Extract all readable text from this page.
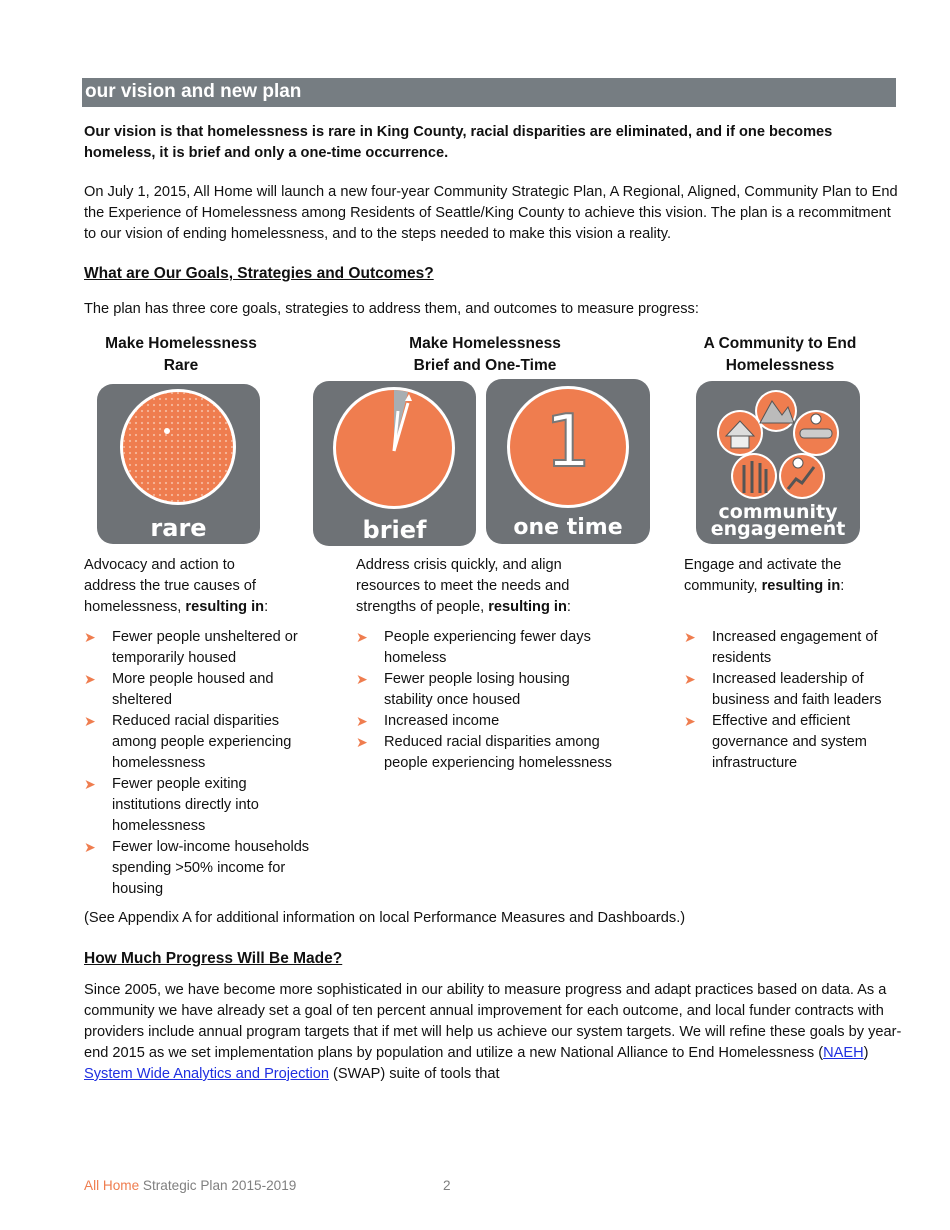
our vision and new plan

Our vision is that homelessness is rare in King County, racial disparities are eliminated, and if one becomes homeless, it is brief and only a one-time occurrence.

On July 1, 2015, All Home will launch a new four-year Community Strategic Plan, A Regional, Aligned, Community Plan to End the Experience of Homelessness among Residents of Seattle/King County to achieve this vision. The plan is a recommitment to our vision of ending homelessness, and to the steps needed to make this vision a reality.

What are Our Goals, Strategies and Outcomes?

The plan has three core goals, strategies to address them, and outcomes to measure progress:

Make Homelessness
Rare
Make Homelessness
Brief and One-Time
A Community to End
Homelessness
rare	brief
1
one time
community
engagement
Advocacy and action to address the true causes of homelessness, resulting in:
Address crisis quickly, and align resources to meet the needs and strengths of people, resulting in:
Engage and activate the community, resulting in:
➤ Fewer people unsheltered or temporarily housed
➤ More people housed and sheltered
➤ Reduced racial disparities among people experiencing homelessness
➤ Fewer people exiting institutions directly into homelessness
➤ Fewer low-income households spending >50% income for housing
➤ People experiencing fewer days homeless
➤ Fewer people losing housing stability once housed
➤ Increased income
➤ Reduced racial disparities among people experiencing homelessness
➤ Increased engagement of residents
➤ Increased leadership of business and faith leaders
➤ Effective and efficient governance and system infrastructure

(See Appendix A for additional information on local Performance Measures and Dashboards.)

How Much Progress Will Be Made?

Since 2005, we have become more sophisticated in our ability to measure progress and adapt practices based on data. As a community we have already set a goal of ten percent annual improvement for each outcome, and local funder contracts with providers include annual program targets that if met will help us achieve our system targets. We will refine these goals by year-end 2015 as we set implementation plans by population and utilize a new National Alliance to End Homelessness (NAEH) System Wide Analytics and Projection (SWAP) suite of tools that

All Home Strategic Plan 2015-2019	2
